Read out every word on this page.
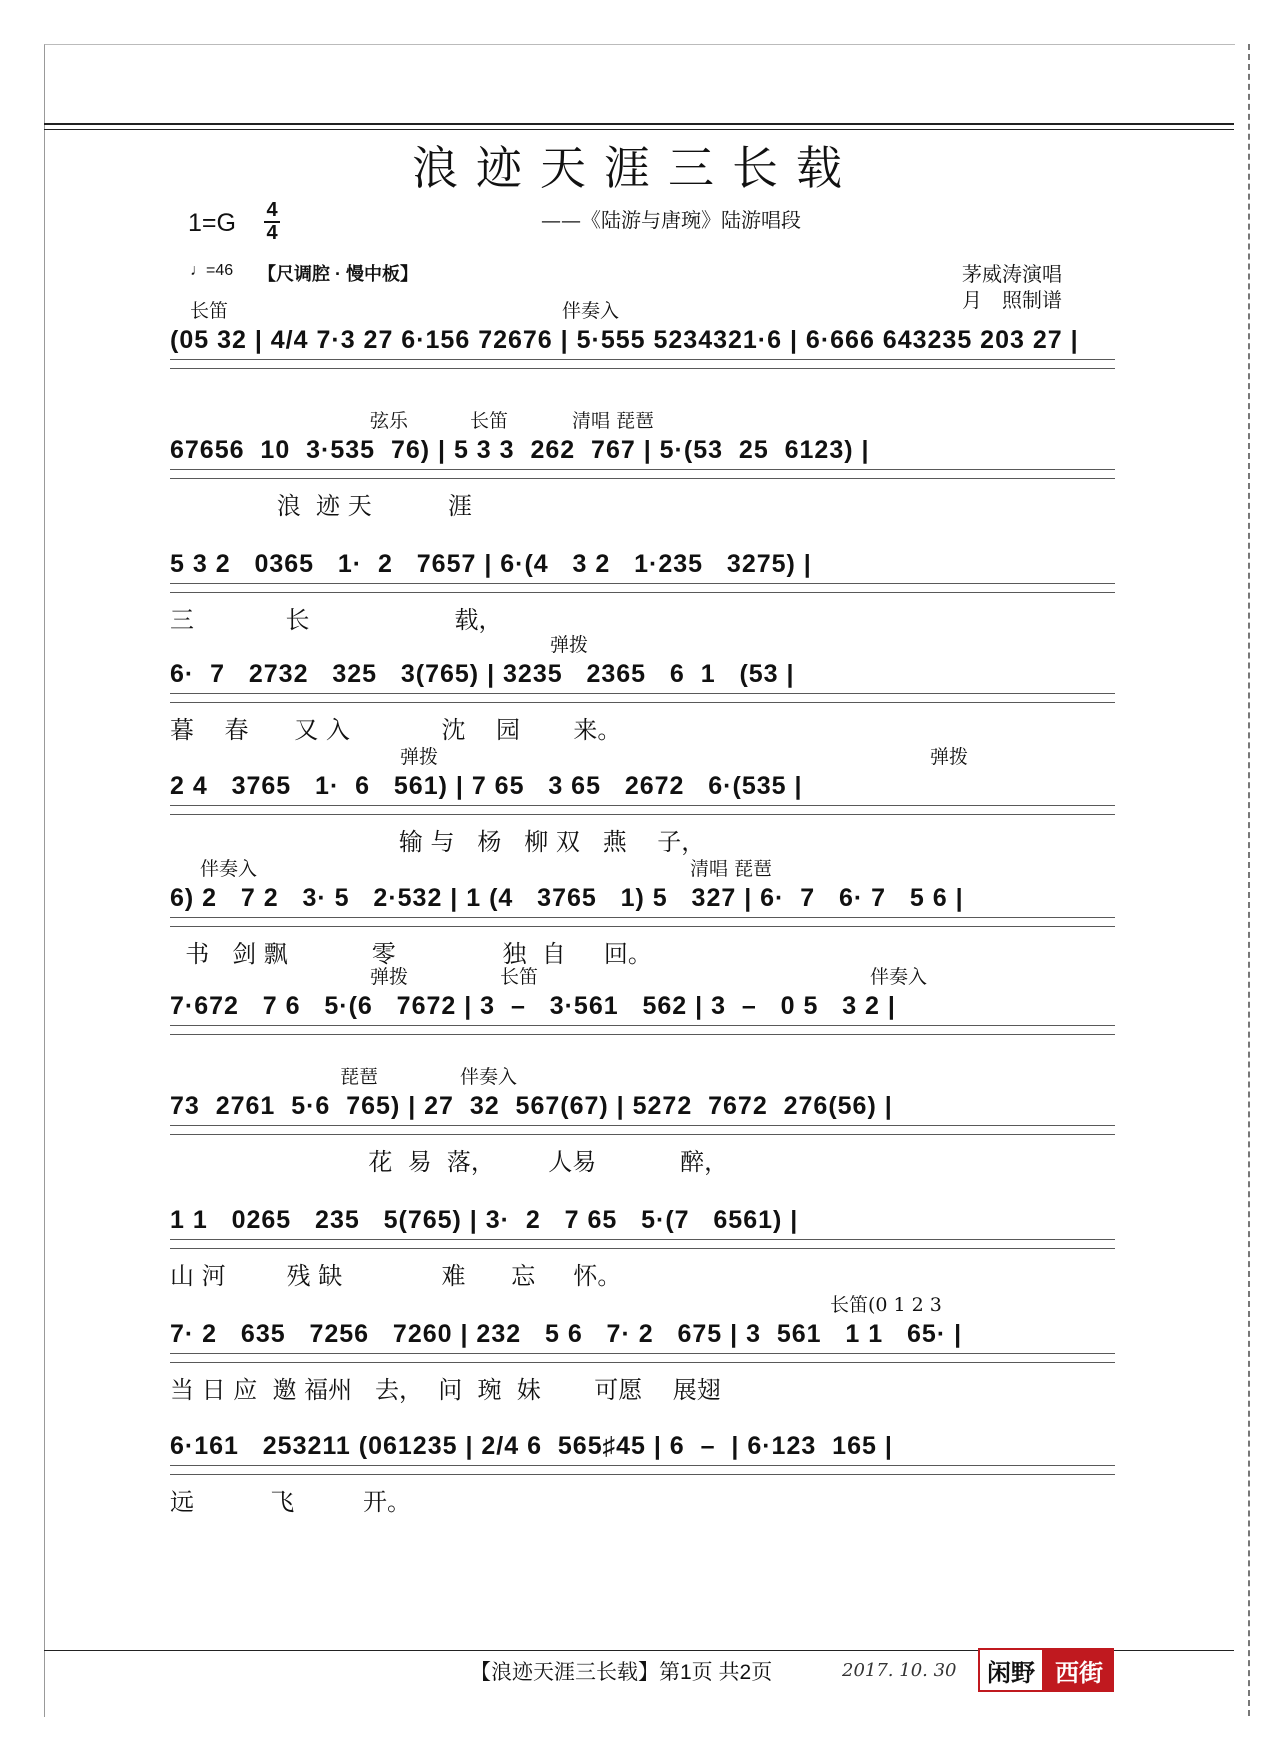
浪迹天涯三长载
——《陆游与唐琬》陆游唱段
1=G 4
4
♩=46 【尺调腔 · 慢中板】	茅威涛演唱
月　照制谱
长笛	伴奏入
(05 32 | 4/4 7·3 27 6·156 72676 | 5·555 5234321·6 | 6·666 643235 203 27 |
弦乐	长笛	清唱 琵琶
67656  10  3·535  76) | 5 3 3  262  767 | 5·(53  25  6123) |
浪  迹 天          涯
5 3 2   0365   1·  2   7657 | 6·(4   3 2   1·235   3275) |
三            长                   载，
弹拨
6·  7   2732   325   3(765) | 3235   2365   6  1   (53 |
暮    春      又 入            沈    园       来。
弹拨	弹拨
2 4   3765   1·  6   561) | 7 65   3 65   2672   6·(535 |
输 与   杨   柳 双   燕    子，
伴奏入	清唱 琵琶
6) 2   7 2   3· 5   2·532 | 1 (4   3765   1) 5   327 | 6·  7   6· 7   5 6 |
书   剑 飘           零              独  自     回。
弹拨	长笛	伴奏入
7·672   7 6   5·(6   7672 | 3  –   3·561   562 | 3  –   0 5   3 2 |
琵琶	伴奏入
73  2761  5·6  765) | 27  32  567(67) | 5272  7672  276(56) |
花  易  落，       人易           醉，
1 1   0265   235   5(765) | 3·  2   7 65   5·(7   6561) |
山 河        残 缺             难      忘     怀。
长笛(0 1 2 3
7· 2   635   7256   7260 | 232   5 6   7· 2   675 | 3  561   1 1   65· |
当 日 应  邀 福州   去，  问  琬  妹       可愿    展翅
6·161   253211 (061235 | 2/4 6  565♯45 | 6  –  | 6·123  165 |
远          飞         开。
【浪迹天涯三长载】第1页 共2页	2017. 10. 30	闲野 西街
